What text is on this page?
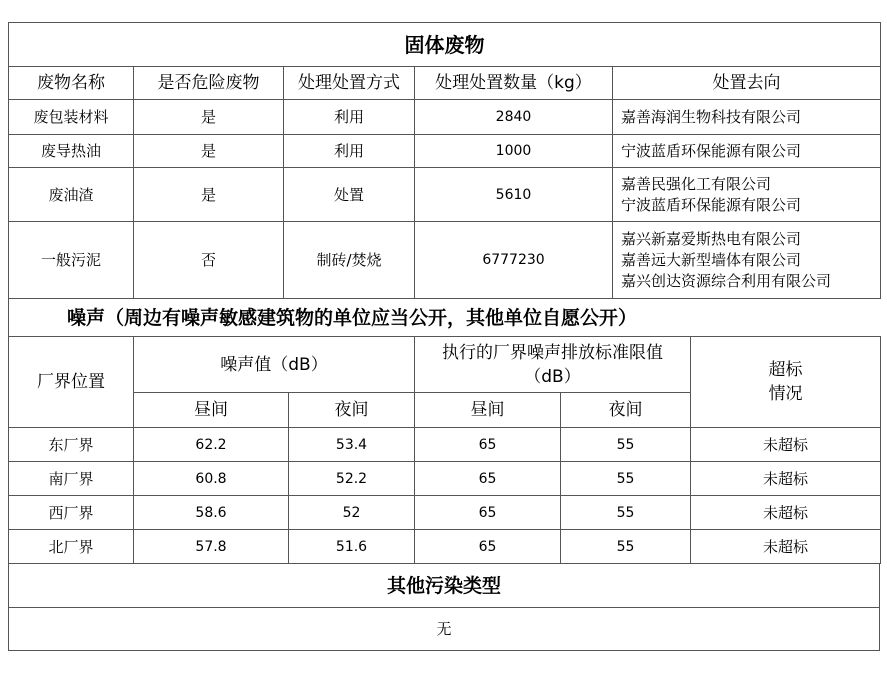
固体废物				
废物名称	是否危险废物	处理处置方式	处理处置数量（kg）	处置去向
废包装材料	是	利用	2840	嘉善海润生物科技有限公司

废导热油	是	利用	1000	宁波蓝盾环保能源有限公司

废油渣	是	处置	5610	嘉善民强化工有限公司
宁波蓝盾环保能源有限公司

一般污泥	否	制砖/焚烧	6777230	嘉兴新嘉爱斯热电有限公司
嘉善远大新型墙体有限公司
嘉兴创达资源综合利用有限公司
噪声（周边有噪声敏感建筑物的单位应当公开，其他单位自愿公开）					
厂界位置	噪声值（dB）		执行的厂界噪声排放标准限值（dB）		超标
情况
	昼间	夜间	昼间	夜间	
东厂界	62.2	53.4	65	55	未超标
南厂界	60.8	52.2	65	55	未超标
西厂界	58.6	52	65	55	未超标
北厂界	57.8	51.6	65	55	未超标
其他污染类型
无
